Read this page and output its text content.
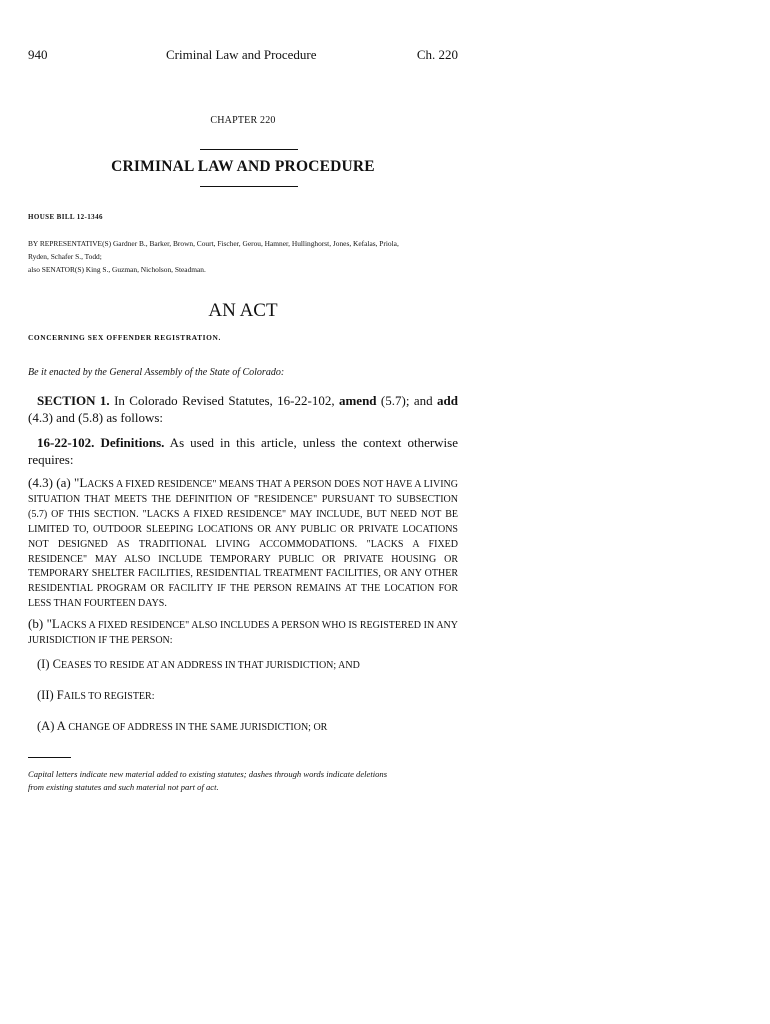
940	Criminal Law and Procedure	Ch. 220
CHAPTER 220
CRIMINAL LAW AND PROCEDURE
HOUSE BILL 12-1346
BY REPRESENTATIVE(S) Gardner B., Barker, Brown, Court, Fischer, Gerou, Hamner, Hullinghorst, Jones, Kefalas, Priola,
Ryden, Schafer S., Todd;
also SENATOR(S) King S., Guzman, Nicholson, Steadman.
AN ACT
CONCERNING SEX OFFENDER REGISTRATION.
Be it enacted by the General Assembly of the State of Colorado:
SECTION 1. In Colorado Revised Statutes, 16-22-102, amend (5.7); and add (4.3) and (5.8) as follows:
16-22-102. Definitions. As used in this article, unless the context otherwise requires:
(4.3) (a) "LACKS A FIXED RESIDENCE" MEANS THAT A PERSON DOES NOT HAVE A LIVING SITUATION THAT MEETS THE DEFINITION OF "RESIDENCE" PURSUANT TO SUBSECTION (5.7) OF THIS SECTION. "LACKS A FIXED RESIDENCE" MAY INCLUDE, BUT NEED NOT BE LIMITED TO, OUTDOOR SLEEPING LOCATIONS OR ANY PUBLIC OR PRIVATE LOCATIONS NOT DESIGNED AS TRADITIONAL LIVING ACCOMMODATIONS. "LACKS A FIXED RESIDENCE" MAY ALSO INCLUDE TEMPORARY PUBLIC OR PRIVATE HOUSING OR TEMPORARY SHELTER FACILITIES, RESIDENTIAL TREATMENT FACILITIES, OR ANY OTHER RESIDENTIAL PROGRAM OR FACILITY IF THE PERSON REMAINS AT THE LOCATION FOR LESS THAN FOURTEEN DAYS.
(b) "LACKS A FIXED RESIDENCE" ALSO INCLUDES A PERSON WHO IS REGISTERED IN ANY JURISDICTION IF THE PERSON:
(I) CEASES TO RESIDE AT AN ADDRESS IN THAT JURISDICTION; AND
(II) FAILS TO REGISTER:
(A) A CHANGE OF ADDRESS IN THE SAME JURISDICTION; OR
Capital letters indicate new material added to existing statutes; dashes through words indicate deletions
from existing statutes and such material not part of act.
